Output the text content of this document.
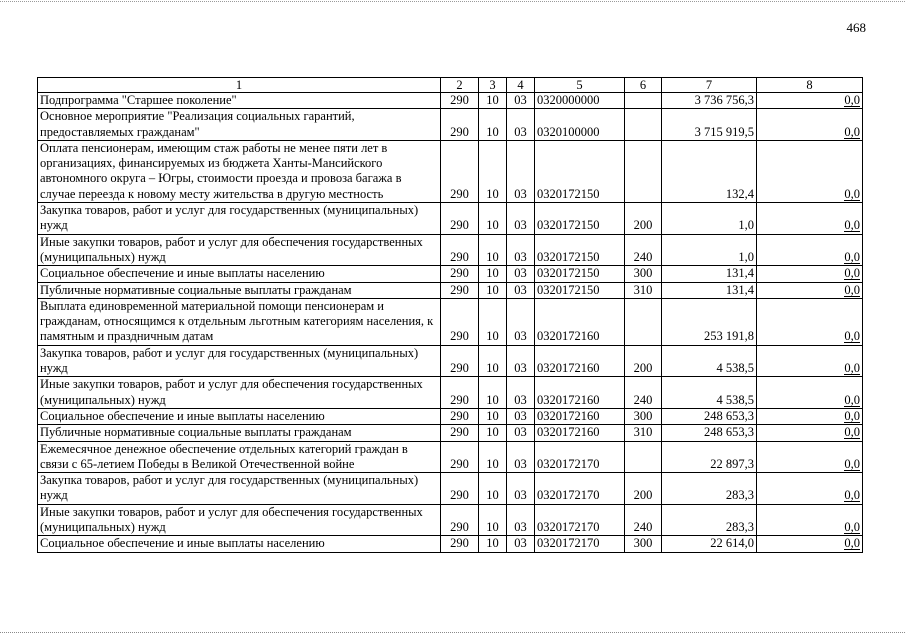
468
1	2	3	4	5	6	7	8
Подпрограмма "Старшее поколение"	290	10	03	0320000000		3 736 756,3	0,0
Основное мероприятие "Реализация социальных гарантий, предоставляемых гражданам"	290	10	03	0320100000		3 715 919,5	0,0
Оплата пенсионерам, имеющим стаж работы не менее пяти лет в организациях, финансируемых из бюджета Ханты-Мансийского автономного округа – Югры, стоимости проезда и провоза багажа в случае переезда к новому месту жительства в другую местность	290	10	03	0320172150		132,4	0,0
Закупка товаров, работ и услуг для государственных (муниципальных) нужд	290	10	03	0320172150	200	1,0	0,0
Иные закупки товаров, работ и услуг для обеспечения государственных (муниципальных) нужд	290	10	03	0320172150	240	1,0	0,0
Социальное обеспечение и иные выплаты населению	290	10	03	0320172150	300	131,4	0,0
Публичные нормативные социальные выплаты гражданам	290	10	03	0320172150	310	131,4	0,0
Выплата единовременной материальной помощи пенсионерам и гражданам, относящимся к отдельным льготным категориям населения, к памятным и праздничным датам	290	10	03	0320172160		253 191,8	0,0
Закупка товаров, работ и услуг для государственных (муниципальных) нужд	290	10	03	0320172160	200	4 538,5	0,0
Иные закупки товаров, работ и услуг для обеспечения государственных (муниципальных) нужд	290	10	03	0320172160	240	4 538,5	0,0
Социальное обеспечение и иные выплаты населению	290	10	03	0320172160	300	248 653,3	0,0
Публичные нормативные социальные выплаты гражданам	290	10	03	0320172160	310	248 653,3	0,0
Ежемесячное денежное обеспечение отдельных категорий граждан в связи с 65-летием Победы в Великой Отечественной войне	290	10	03	0320172170		22 897,3	0,0
Закупка товаров, работ и услуг для государственных (муниципальных) нужд	290	10	03	0320172170	200	283,3	0,0
Иные закупки товаров, работ и услуг для обеспечения государственных (муниципальных) нужд	290	10	03	0320172170	240	283,3	0,0
Социальное обеспечение и иные выплаты населению	290	10	03	0320172170	300	22 614,0	0,0
